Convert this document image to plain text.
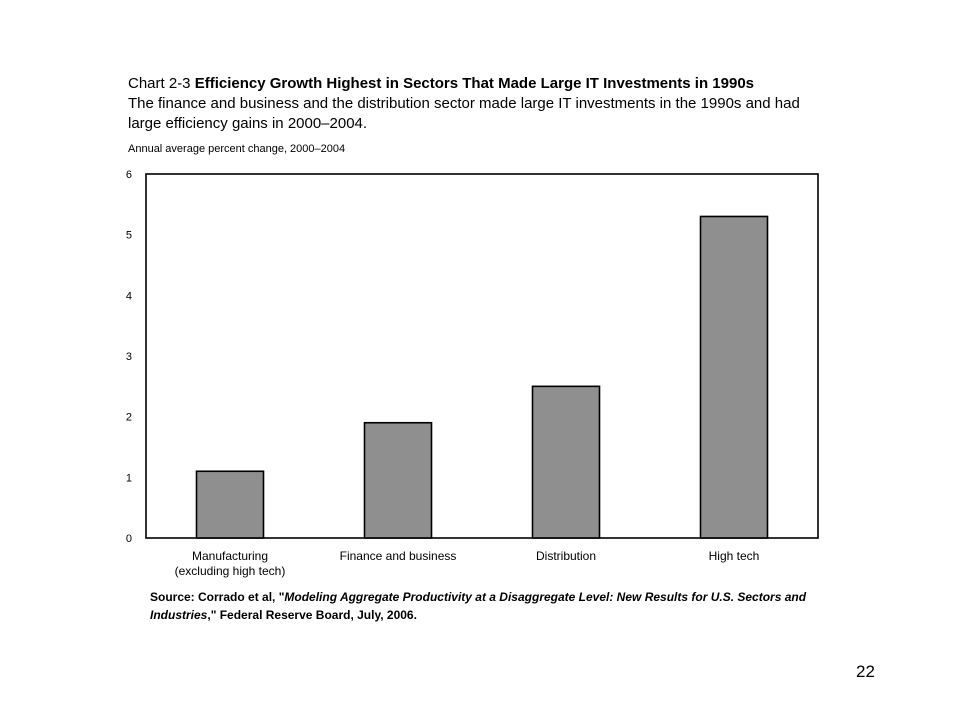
Chart 2-3 Efficiency Growth Highest in Sectors That Made Large IT Investments in 1990s
The finance and business and the distribution sector made large IT investments in the 1990s and had large efficiency gains in 2000–2004.
Annual average percent change, 2000–2004
0
1
2
3
4
5
6
Manufacturing (excluding high tech)
Finance and business	Distribution	High tech
Source: Corrado et al, "Modeling Aggregate Productivity at a Disaggregate Level: New Results for U.S. Sectors and Industries," Federal Reserve Board, July, 2006.
22
